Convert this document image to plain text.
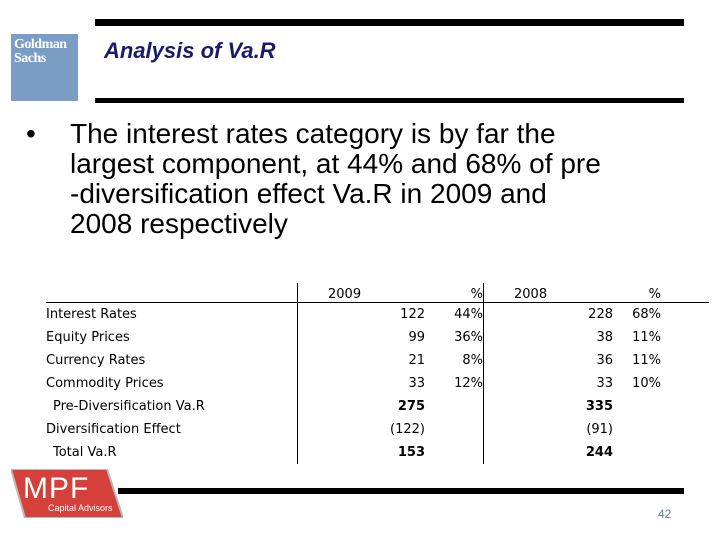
Goldman
Sachs	Analysis of Va.R
• The interest rates category is by far the
largest component, at 44% and 68% of pre
-diversification effect Va.R in 2009 and
2008 respectively
	2009	%	2008	%	
Interest Rates	122	44%	228	68%	
Equity Prices	99	36%	38	11%	
Currency Rates	21	8%	36	11%	
Commodity Prices	33	12%	33	10%	
Pre-Diversification Va.R	275		335		
Diversification Effect	(122)		(91)		
Total Va.R	153		244		
MPF
Capital Advisors	42
